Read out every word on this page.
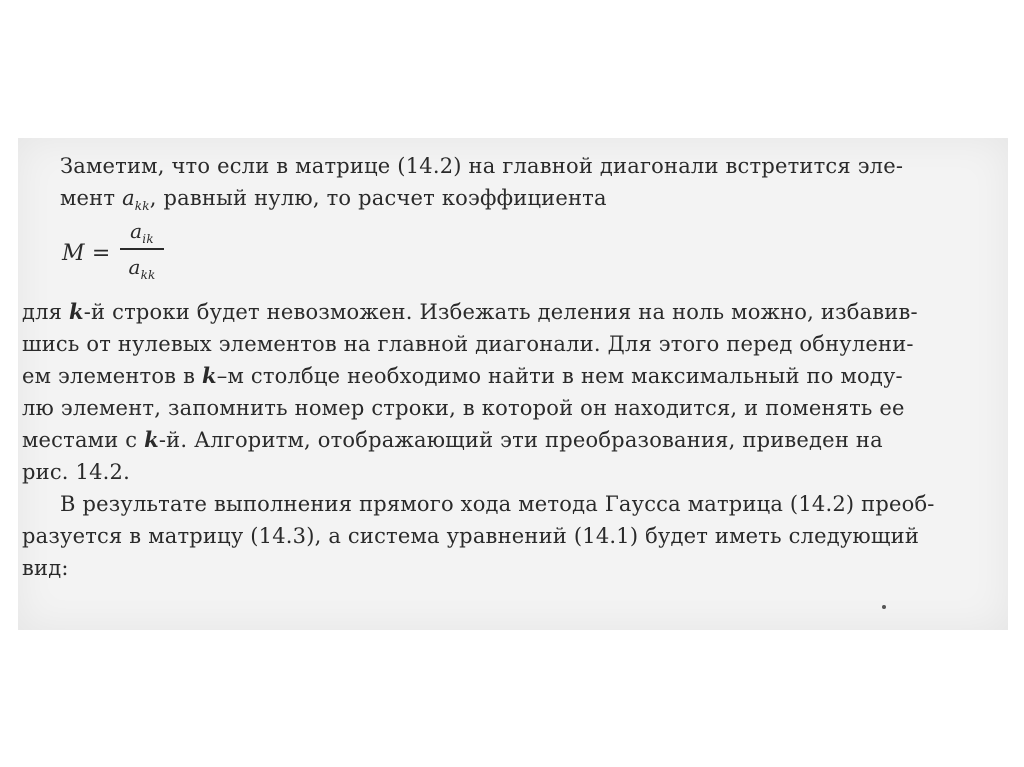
Заметим, что если в матрице (14.2) на главной диагонали встретится эле-
мент $a_{kk}$, равный нулю, то расчет коэффициента
M =
$a_{ik}$
$a_{kk}$
для k-й строки будет невозможен. Избежать деления на ноль можно, избавив-
шись от нулевых элементов на главной диагонали. Для этого перед обнулени-
ем элементов в k–м столбце необходимо найти в нем максимальный по моду-
лю элемент, запомнить номер строки, в которой он находится, и поменять ее
местами с k-й. Алгоритм, отображающий эти преобразования, приведен на
рис. 14.2.
В результате выполнения прямого хода метода Гаусса матрица (14.2) преоб-
разуется в матрицу (14.3), а система уравнений (14.1) будет иметь следующий
вид:
